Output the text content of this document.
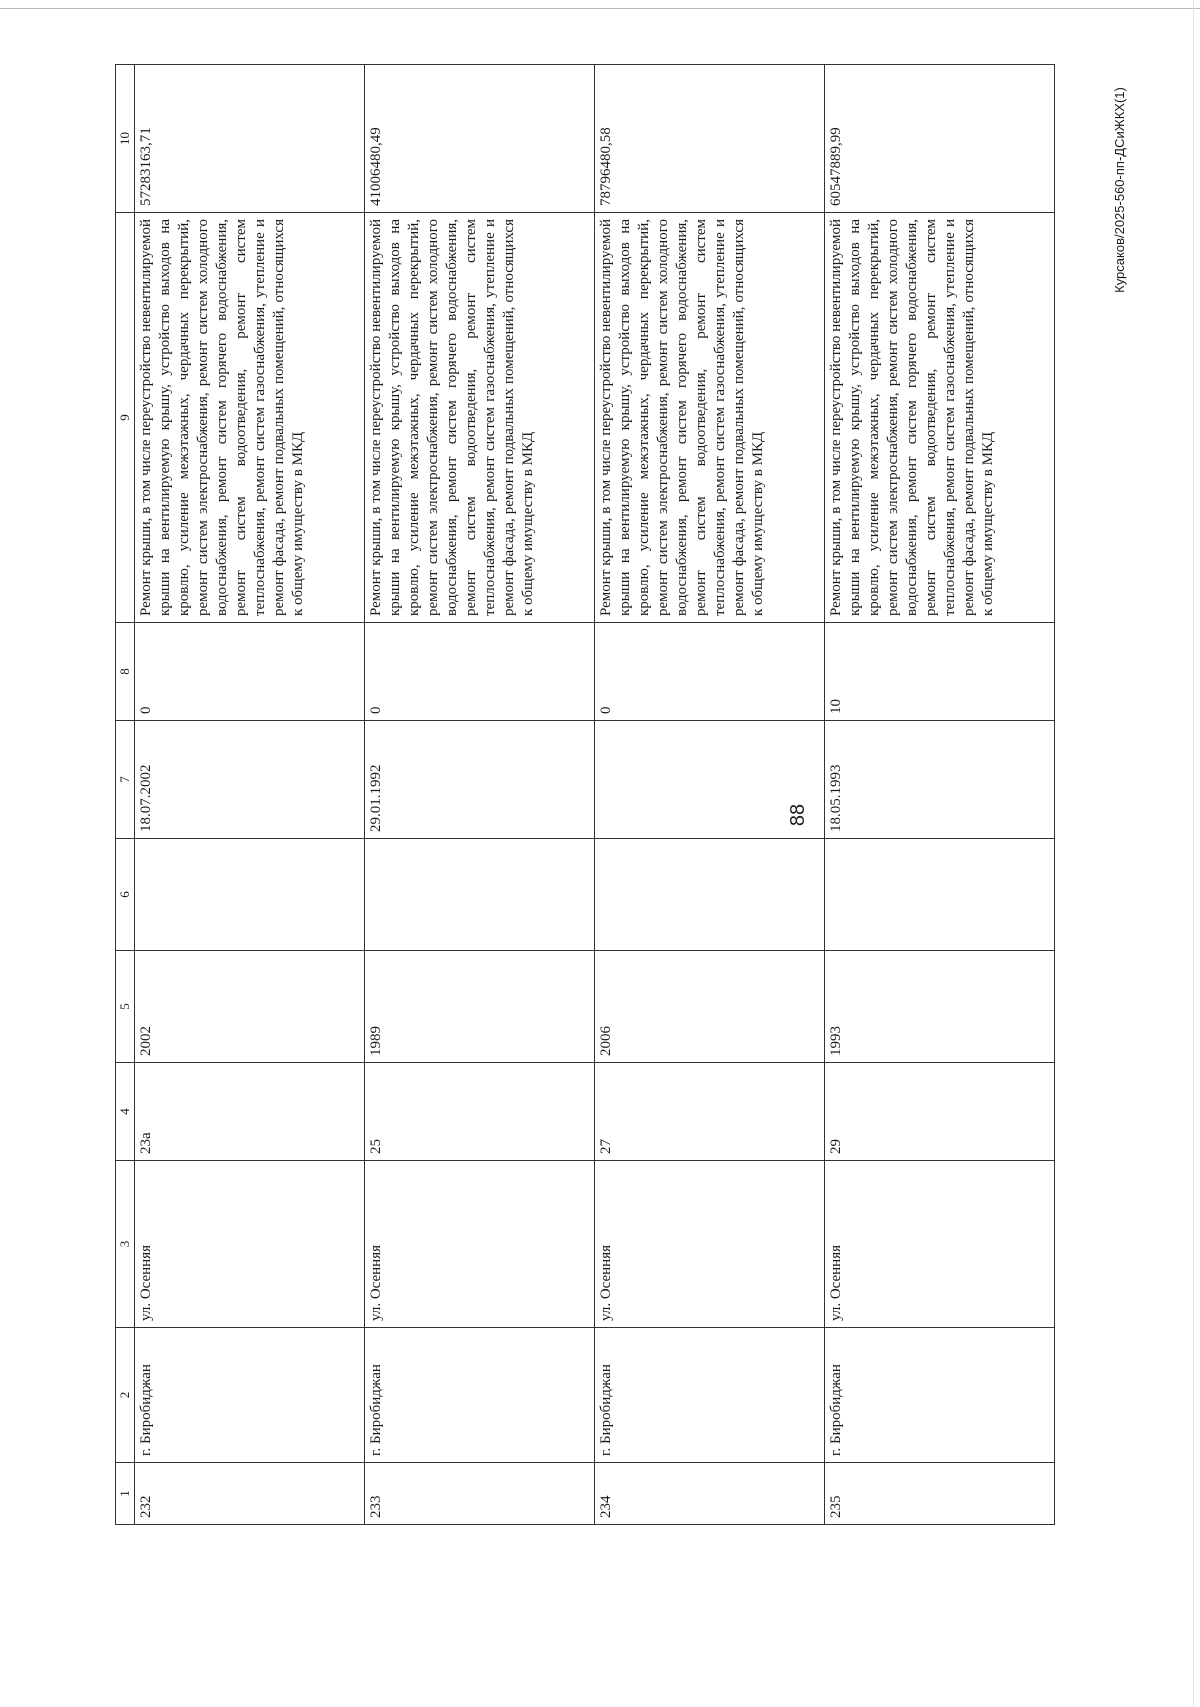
88
Курсаков/2025-560-пп-ДСиЖКХ(1)
1	2	3	4	5	6	7	8	9	10
232	г. Биробиджан	ул. Осенняя	23а	2002		18.07.2002	0	Ремонт крыши, в том числе переустройство невентилируемой крыши на вентилируемую крышу, устройство выходов на кровлю, усиление межэтажных, чердачных перекрытий, ремонт систем электроснабжения, ремонт систем холодного водоснабжения, ремонт систем горячего водоснабжения, ремонт систем водоотведения, ремонт систем теплоснабжения, ремонт систем газоснабжения, утепление и ремонт фасада, ремонт подвальных помещений, относящихся к общему имуществу в МКД	57283163,71
233	г. Биробиджан	ул. Осенняя	25	1989		29.01.1992	0	Ремонт крыши, в том числе переустройство невентилируемой крыши на вентилируемую крышу, устройство выходов на кровлю, усиление межэтажных, чердачных перекрытий, ремонт систем электроснабжения, ремонт систем холодного водоснабжения, ремонт систем горячего водоснабжения, ремонт систем водоотведения, ремонт систем теплоснабжения, ремонт систем газоснабжения, утепление и ремонт фасада, ремонт подвальных помещений, относящихся к общему имуществу в МКД	41006480,49
234	г. Биробиджан	ул. Осенняя	27	2006			0	Ремонт крыши, в том числе переустройство невентилируемой крыши на вентилируемую крышу, устройство выходов на кровлю, усиление межэтажных, чердачных перекрытий, ремонт систем электроснабжения, ремонт систем холодного водоснабжения, ремонт систем горячего водоснабжения, ремонт систем водоотведения, ремонт систем теплоснабжения, ремонт систем газоснабжения, утепление и ремонт фасада, ремонт подвальных помещений, относящихся к общему имуществу в МКД	78796480,58
235	г. Биробиджан	ул. Осенняя	29	1993		18.05.1993	10	Ремонт крыши, в том числе переустройство невентилируемой крыши на вентилируемую крышу, устройство выходов на кровлю, усиление межэтажных, чердачных перекрытий, ремонт систем электроснабжения, ремонт систем холодного водоснабжения, ремонт систем горячего водоснабжения, ремонт систем водоотведения, ремонт систем теплоснабжения, ремонт систем газоснабжения, утепление и ремонт фасада, ремонт подвальных помещений, относящихся к общему имуществу в МКД	60547889,99
